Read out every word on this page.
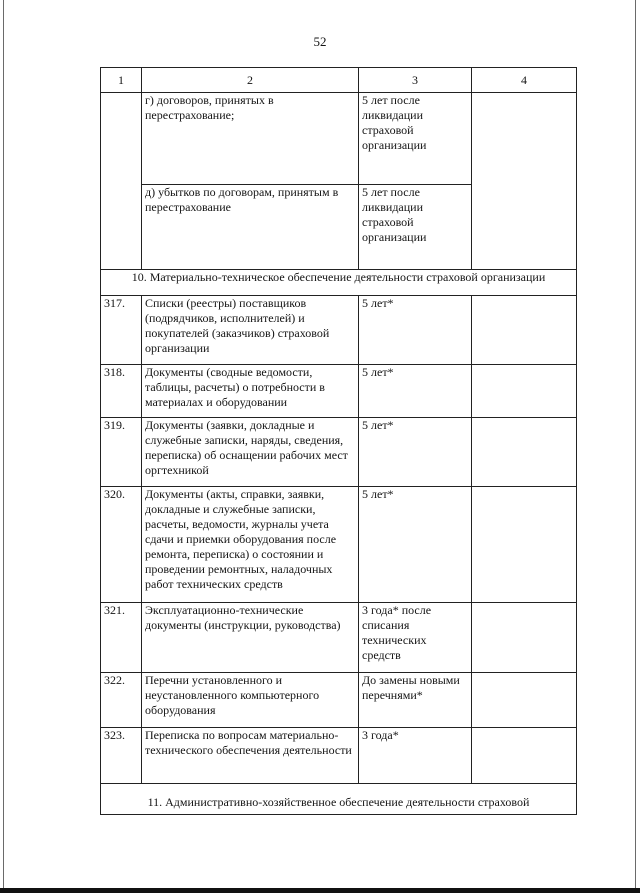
52
1	2	3	4
	г) договоров, принятых в перестрахование;	5 лет после ликвидации страховой организации	
	д) убытков по договорам, принятым в перестрахование	5 лет после ликвидации страховой организации	
10. Материально-техническое обеспечение деятельности страховой организации			
317.	Списки (реестры) поставщиков (подрядчиков, исполнителей) и покупателей (заказчиков) страховой организации	5 лет*	
318.	Документы (сводные ведомости, таблицы, расчеты) о потребности в материалах и оборудовании	5 лет*	
319.	Документы (заявки, докладные и служебные записки, наряды, сведения, переписка) об оснащении рабочих мест оргтехникой	5 лет*	
320.	Документы (акты, справки, заявки, докладные и служебные записки, расчеты, ведомости, журналы учета сдачи и приемки оборудования после ремонта, переписка) о состоянии и проведении ремонтных, наладочных работ технических средств	5 лет*	
321.	Эксплуатационно-технические документы (инструкции, руководства)	3 года* после списания технических средств	
322.	Перечни установленного и неустановленного компьютерного оборудования	До замены новыми перечнями*	
323.	Переписка по вопросам материально-технического обеспечения деятельности	3 года*	
11. Административно-хозяйственное обеспечение деятельности страховой			
